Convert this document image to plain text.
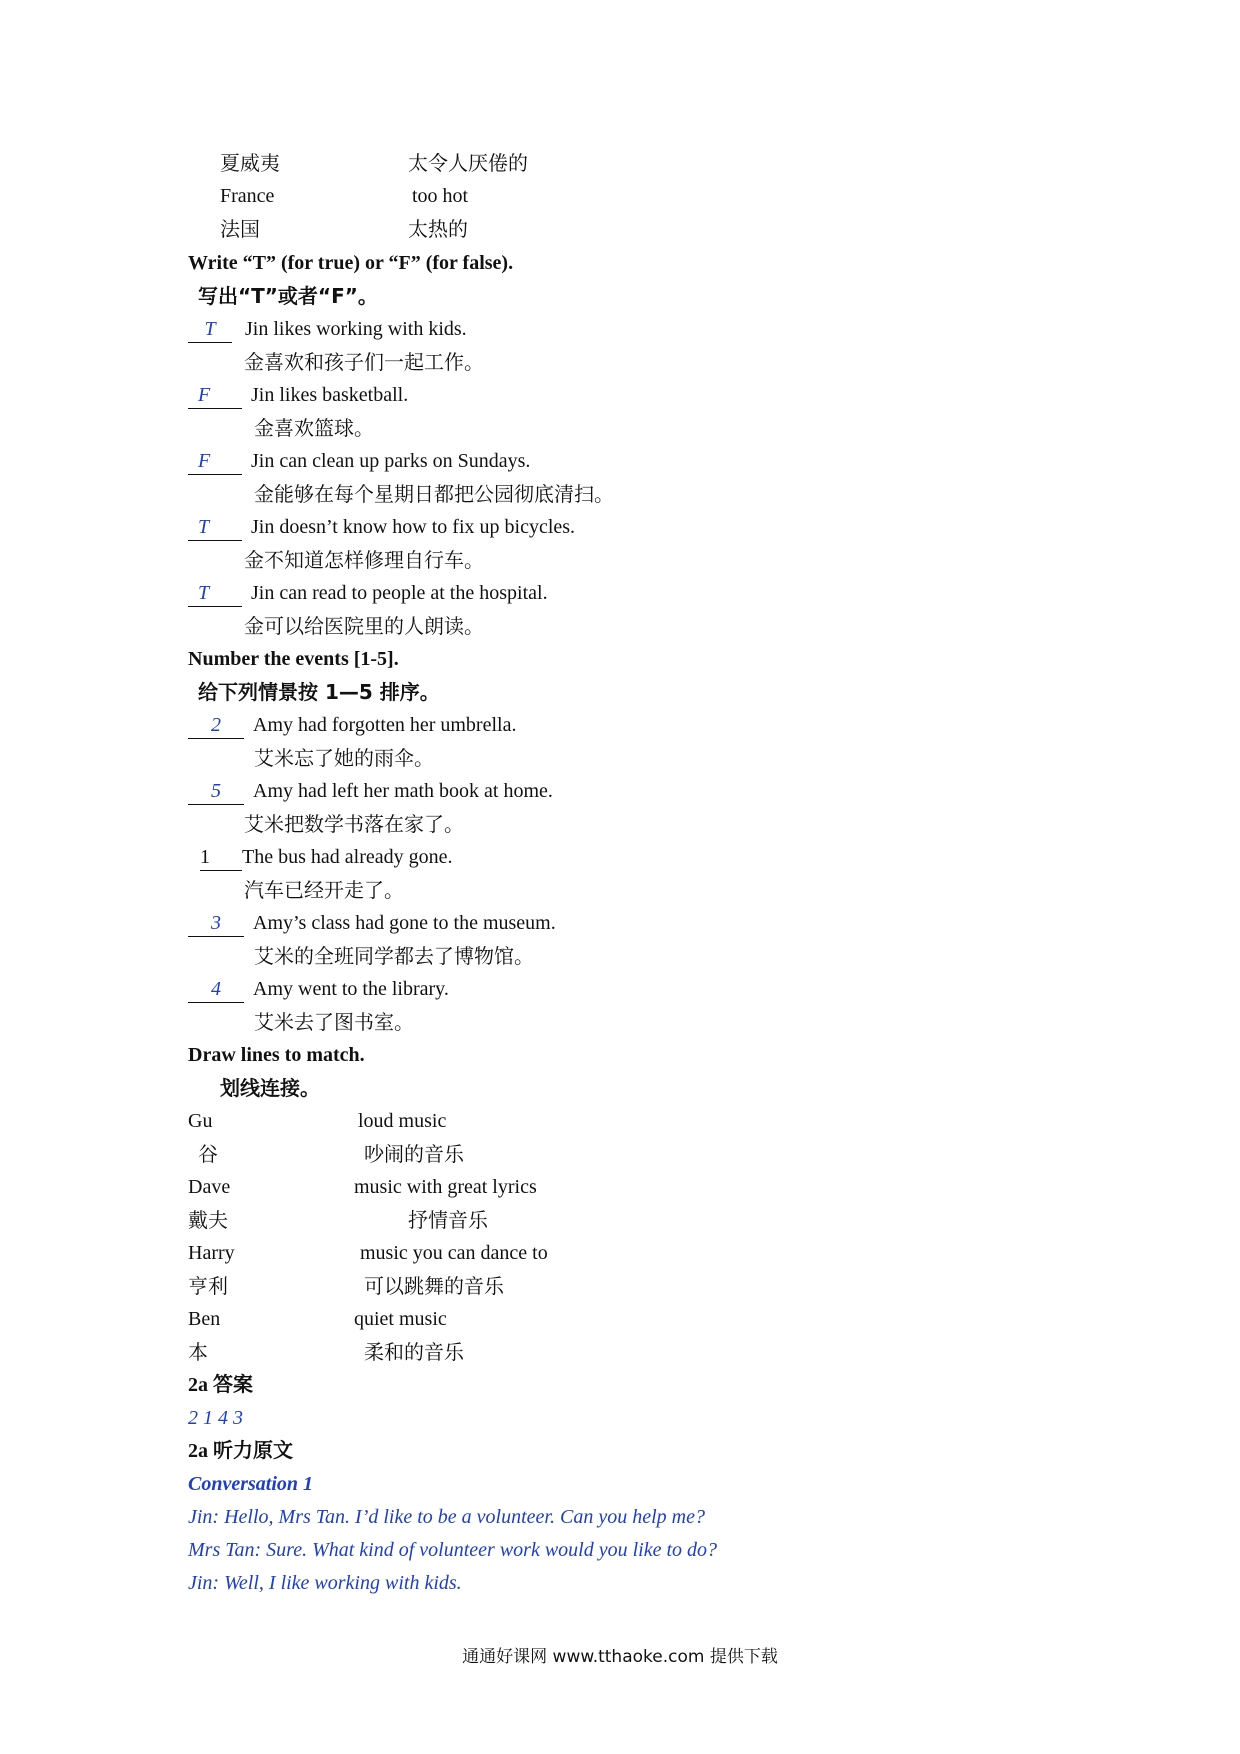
夏威夷	太令人厌倦的
France	too hot
法国	太热的
Write “T” (for true) or “F” (for false).
写出“T”或者“F”。
T Jin likes working with kids.
金喜欢和孩子们一起工作。
F Jin likes basketball.
金喜欢篮球。
F Jin can clean up parks on Sundays.
金能够在每个星期日都把公园彻底清扫。
T Jin doesn’t know how to fix up bicycles.
金不知道怎样修理自行车。
T Jin can read to people at the hospital.
金可以给医院里的人朗读。
Number the events [1-5].
给下列情景按 1—5 排序。
2 Amy had forgotten her umbrella.
艾米忘了她的雨伞。
5 Amy had left her math book at home.
艾米把数学书落在家了。
1 The bus had already gone.
汽车已经开走了。
3 Amy’s class had gone to the museum.
艾米的全班同学都去了博物馆。
4 Amy went to the library.
艾米去了图书室。
Draw lines to match.
划线连接。
Gu	loud music
谷	吵闹的音乐
Dave	music with great lyrics
戴夫	抒情音乐
Harry	music you can dance to
亨利	可以跳舞的音乐
Ben	quiet music
本	柔和的音乐
2a 答案
2 1 4 3
2a 听力原文
Conversation 1
Jin: Hello, Mrs Tan. I’d like to be a volunteer. Can you help me?
Mrs Tan: Sure. What kind of volunteer work would you like to do?
Jin: Well, I like working with kids.
通通好课网 www.tthaoke.com 提供下载
